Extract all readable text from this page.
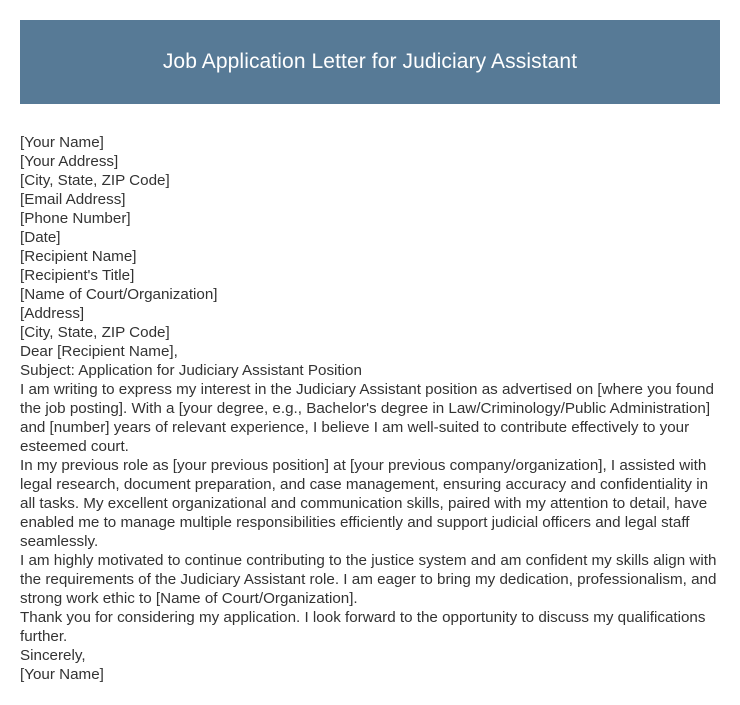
Job Application Letter for Judiciary Assistant
[Your Name]
[Your Address]
[City, State, ZIP Code]
[Email Address]
[Phone Number]
[Date]
[Recipient Name]
[Recipient's Title]
[Name of Court/Organization]
[Address]
[City, State, ZIP Code]
Dear [Recipient Name],
Subject: Application for Judiciary Assistant Position
I am writing to express my interest in the Judiciary Assistant position as advertised on [where you found the job posting]. With a [your degree, e.g., Bachelor's degree in Law/Criminology/Public Administration] and [number] years of relevant experience, I believe I am well-suited to contribute effectively to your esteemed court.
In my previous role as [your previous position] at [your previous company/organization], I assisted with legal research, document preparation, and case management, ensuring accuracy and confidentiality in all tasks. My excellent organizational and communication skills, paired with my attention to detail, have enabled me to manage multiple responsibilities efficiently and support judicial officers and legal staff seamlessly.
I am highly motivated to continue contributing to the justice system and am confident my skills align with the requirements of the Judiciary Assistant role. I am eager to bring my dedication, professionalism, and strong work ethic to [Name of Court/Organization].
Thank you for considering my application. I look forward to the opportunity to discuss my qualifications further.
Sincerely,
[Your Name]
